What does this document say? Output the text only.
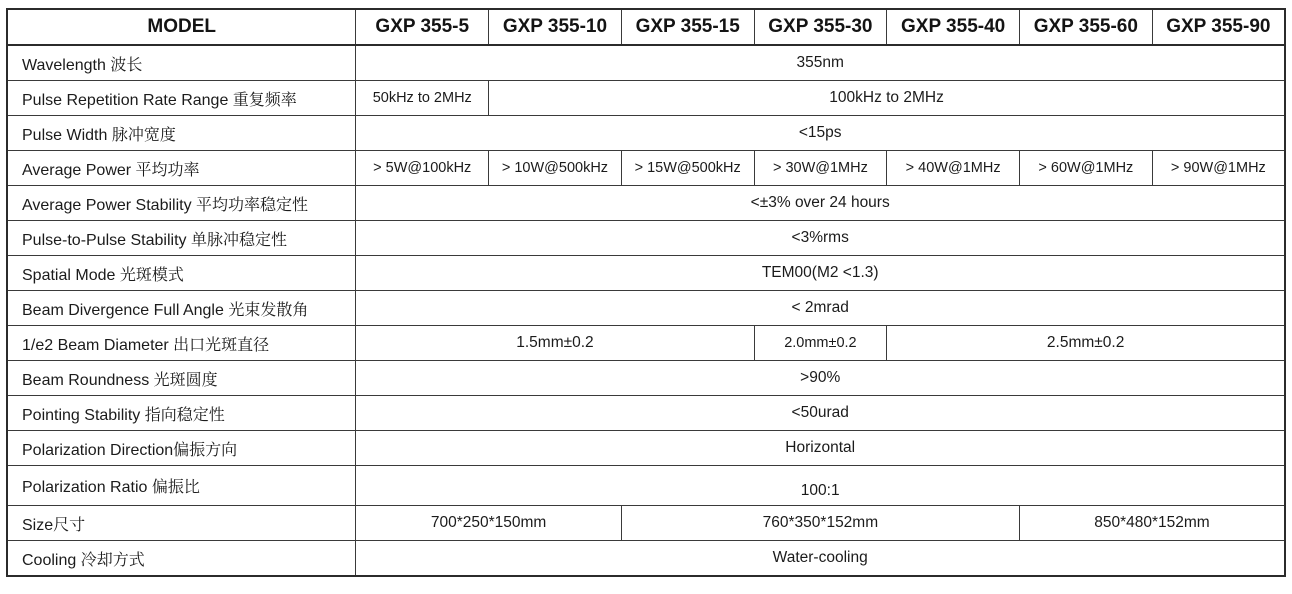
MODEL	GXP 355-5	GXP 355-10	GXP 355-15	GXP 355-30	GXP 355-40	GXP 355-60	GXP 355-90
Wavelength 波长	355nm						
Pulse Repetition Rate Range 重复频率	50kHz to 2MHz	100kHz to 2MHz					
Pulse Width 脉冲宽度	<15ps						
Average Power 平均功率	> 5W@100kHz	> 10W@500kHz	> 15W@500kHz	> 30W@1MHz	> 40W@1MHz	> 60W@1MHz	> 90W@1MHz
Average Power Stability 平均功率稳定性	<±3% over 24 hours						
Pulse-to-Pulse Stability 单脉冲稳定性	<3%rms						
Spatial Mode 光斑模式	TEM00(M2 <1.3)						
Beam Divergence Full Angle 光束发散角	< 2mrad						
1/e2 Beam Diameter 出口光斑直径	1.5mm±0.2			2.0mm±0.2	2.5mm±0.2		
Beam Roundness 光斑圆度	>90%						
Pointing Stability 指向稳定性	<50urad						
Polarization Direction偏振方向	Horizontal						
Polarization Ratio 偏振比	100:1						
Size尺寸	700*250*150mm		760*350*152mm			850*480*152mm	
Cooling 冷却方式	Water-cooling						
